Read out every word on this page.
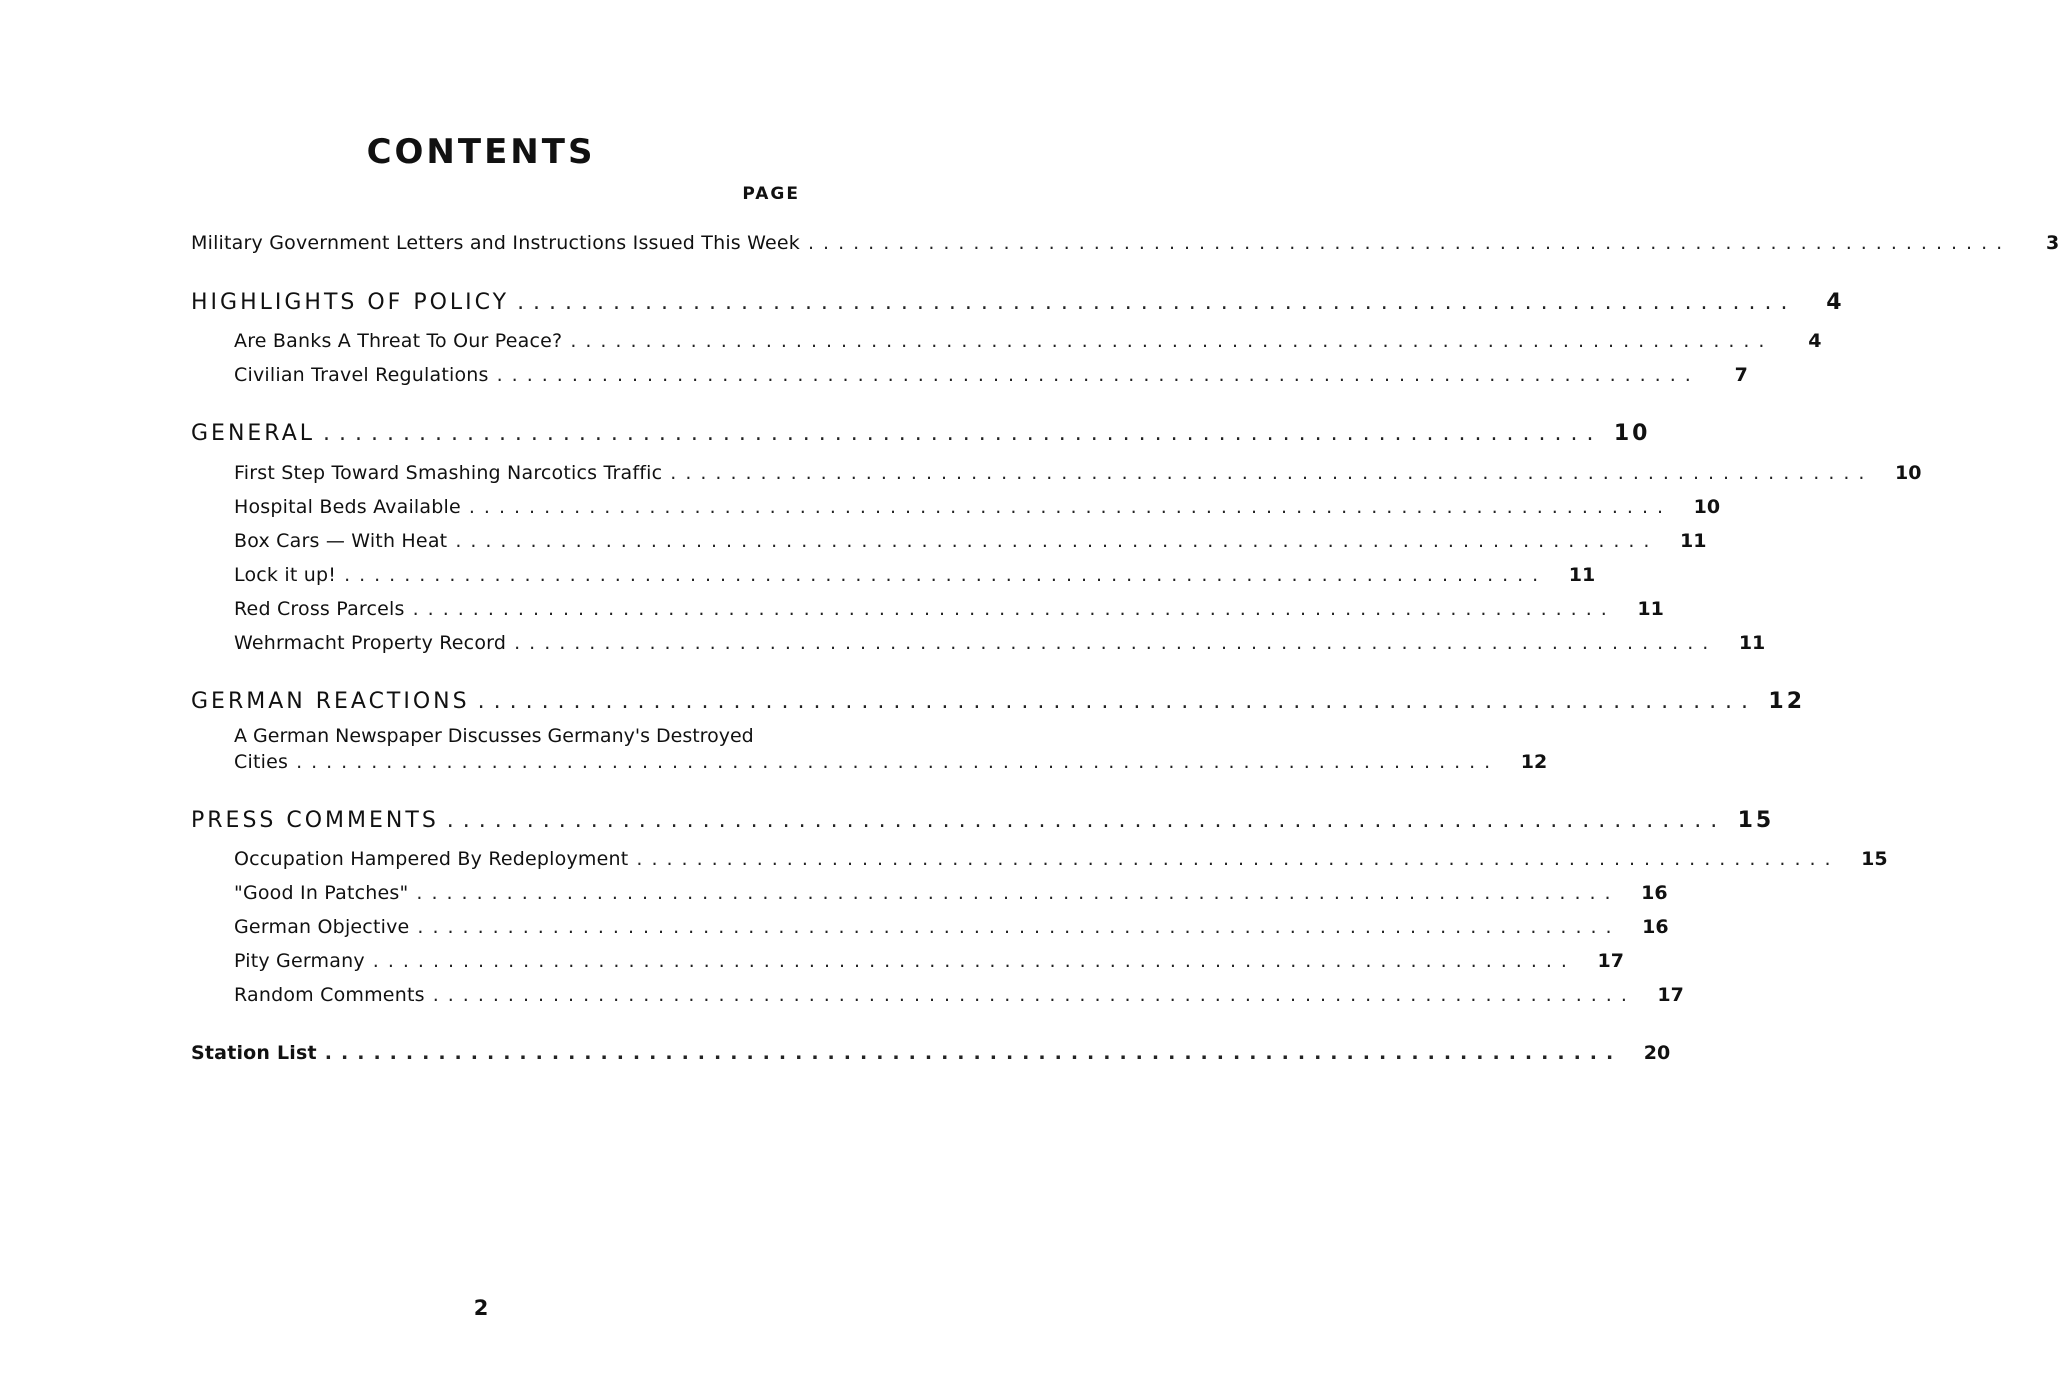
CONTENTS
PAGE
Military Government Letters and Instructions Issued This Week ................................................................................	3
HIGHLIGHTS OF POLICY ................................................................................	4
Are Banks A Threat To Our Peace? ................................................................................	4
Civilian Travel Regulations ................................................................................	7
GENERAL ................................................................................ 10
First Step Toward Smashing Narcotics Traffic ................................................................................	10
Hospital Beds Available ................................................................................	10
Box Cars — With Heat ................................................................................	11
Lock it up! ................................................................................	11
Red Cross Parcels ................................................................................	11
Wehrmacht Property Record ................................................................................	11
GERMAN REACTIONS ................................................................................ 12
A German Newspaper Discusses Germany's Destroyed
Cities ................................................................................	12
PRESS COMMENTS ................................................................................ 15
Occupation Hampered By Redeployment ................................................................................	15
"Good In Patches" ................................................................................	16
German Objective ................................................................................	16
Pity Germany ................................................................................	17
Random Comments ................................................................................	17
Station List ................................................................................	20
2
